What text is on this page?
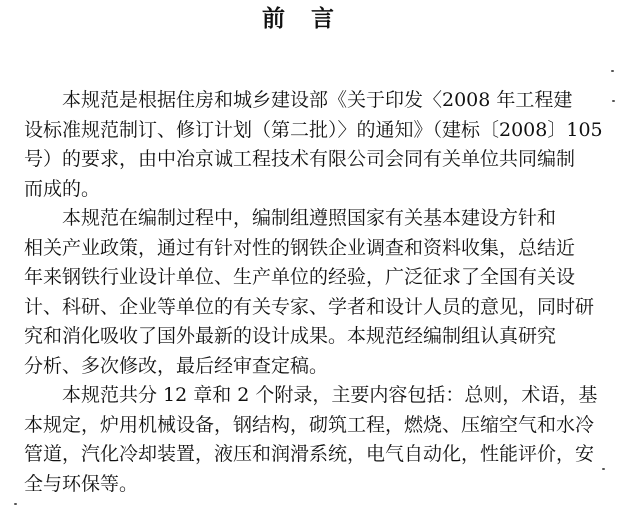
前言
本规范是根据住房和城乡建设部《关于印发〈2008 年工程建
设标准规范制订、修订计划（第二批）〉的通知》（建标〔2008〕105
号）的要求，由中冶京诚工程技术有限公司会同有关单位共同编制
而成的。
本规范在编制过程中，编制组遵照国家有关基本建设方针和
相关产业政策，通过有针对性的钢铁企业调查和资料收集，总结近
年来钢铁行业设计单位、生产单位的经验，广泛征求了全国有关设
计、科研、企业等单位的有关专家、学者和设计人员的意见，同时研
究和消化吸收了国外最新的设计成果。本规范经编制组认真研究
分析、多次修改，最后经审查定稿。
本规范共分 12 章和 2 个附录，主要内容包括：总则，术语，基
本规定，炉用机械设备，钢结构，砌筑工程，燃烧、压缩空气和水冷
管道，汽化冷却装置，液压和润滑系统，电气自动化，性能评价，安
全与环保等。
